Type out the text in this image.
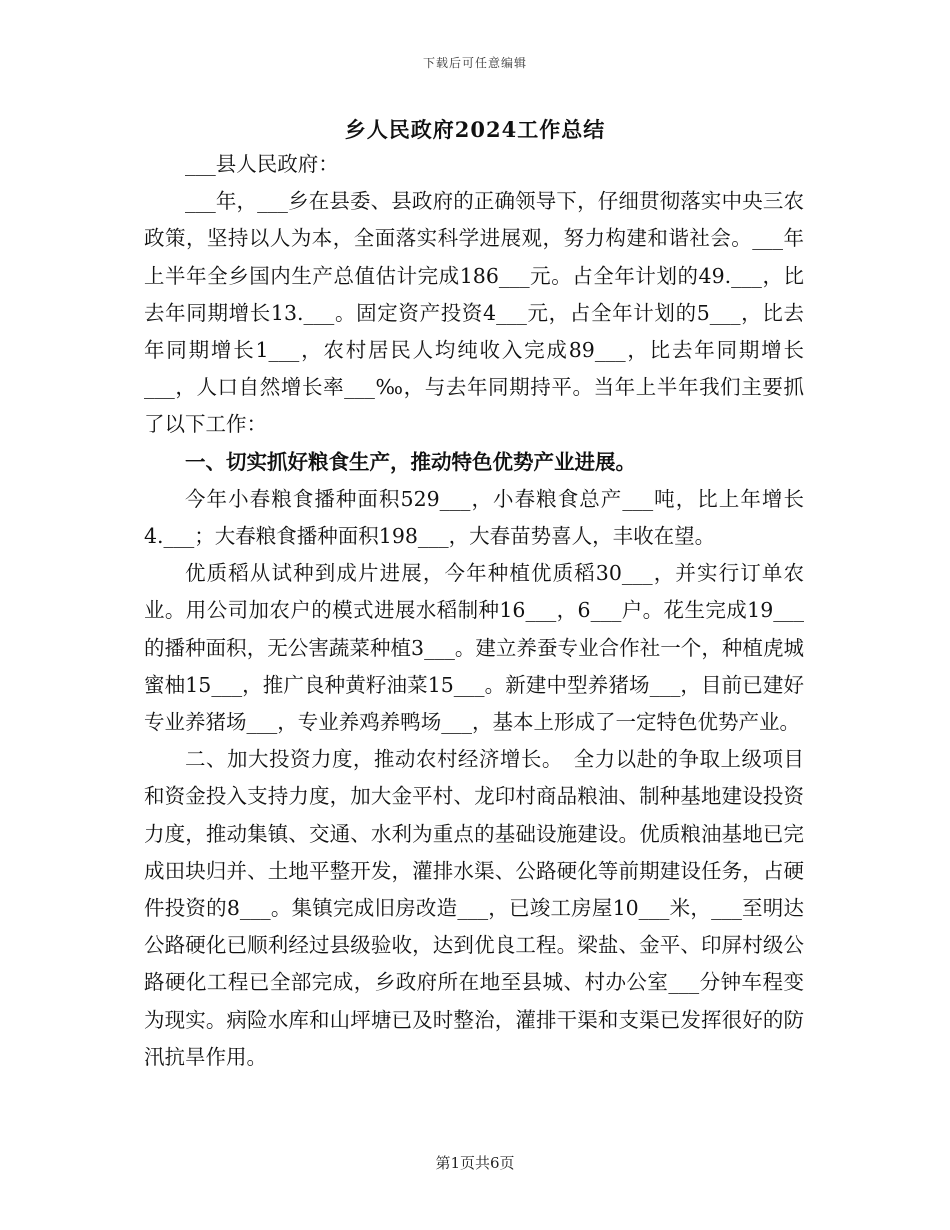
下载后可任意编辑
乡人民政府2024工作总结

___县人民政府：

___年，___乡在县委、县政府的正确领导下，仔细贯彻落实中央三农政策，坚持以人为本，全面落实科学进展观，努力构建和谐社会。___年上半年全乡国内生产总值估计完成186___元。占全年计划的49.___，比去年同期增长13.___。固定资产投资4___元，占全年计划的5___，比去年同期增长1___，农村居民人均纯收入完成89___，比去年同期增长___，人口自然增长率___‰，与去年同期持平。当年上半年我们主要抓了以下工作：

一、切实抓好粮食生产，推动特色优势产业进展。

今年小春粮食播种面积529___，小春粮食总产___吨，比上年增长4.___；大春粮食播种面积198___，大春苗势喜人，丰收在望。

优质稻从试种到成片进展，今年种植优质稻30___，并实行订单农业。用公司加农户的模式进展水稻制种16___，6___户。花生完成19___的播种面积，无公害蔬菜种植3___。建立养蚕专业合作社一个，种植虎城蜜柚15___，推广良种黄籽油菜15___。新建中型养猪场___，目前已建好专业养猪场___，专业养鸡养鸭场___，基本上形成了一定特色优势产业。

二、加大投资力度，推动农村经济增长。　全力以赴的争取上级项目和资金投入支持力度，加大金平村、龙印村商品粮油、制种基地建设投资力度，推动集镇、交通、水利为重点的基础设施建设。优质粮油基地已完成田块归并、土地平整开发，灌排水渠、公路硬化等前期建设任务，占硬件投资的8___。集镇完成旧房改造___，已竣工房屋10___米，___至明达公路硬化已顺利经过县级验收，达到优良工程。梁盐、金平、印屏村级公路硬化工程已全部完成，乡政府所在地至县城、村办公室___分钟车程变为现实。病险水库和山坪塘已及时整治，灌排干渠和支渠已发挥很好的防汛抗旱作用。

第1页共6页
